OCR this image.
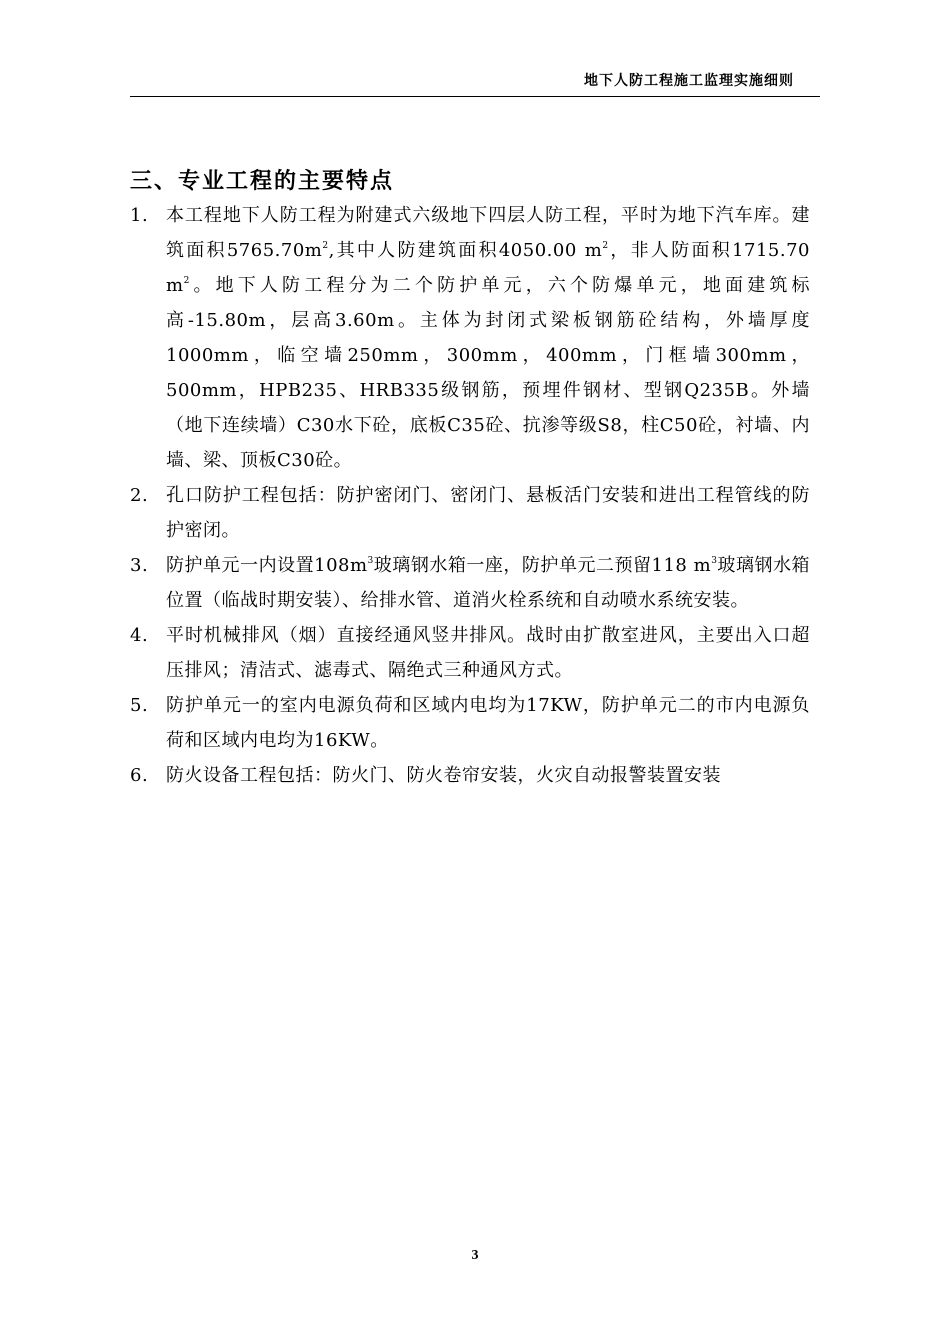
地下人防工程施工监理实施细则
三、专业工程的主要特点
1. 本工程地下人防工程为附建式六级地下四层人防工程，平时为地下汽车库。建筑面积$5765.70m^2$,其中人防建筑面积4050.00 $m^2$，非人防面积1715.70 $m^2$。地下人防工程分为二个防护单元，六个防爆单元，地面建筑标高-15.80m，层高3.60m。主体为封闭式梁板钢筋砼结构，外墙厚度1000mm，临空墙250mm，300mm，400mm，门框墙300mm，500mm，HPB235、HRB335级钢筋，预埋件钢材、型钢Q235B。外墙（地下连续墙）C30水下砼，底板C35砼、抗渗等级S8，柱C50砼，衬墙、内墙、梁、顶板C30砼。
2. 孔口防护工程包括：防护密闭门、密闭门、悬板活门安装和进出工程管线的防护密闭。
3. 防护单元一内设置$108m^3$玻璃钢水箱一座，防护单元二预留118 $m^3$玻璃钢水箱位置（临战时期安装）、给排水管、道消火栓系统和自动喷水系统安装。
4. 平时机械排风（烟）直接经通风竖井排风。战时由扩散室进风，主要出入口超压排风；清洁式、滤毒式、隔绝式三种通风方式。
5. 防护单元一的室内电源负荷和区域内电均为17KW，防护单元二的市内电源负荷和区域内电均为16KW。
6. 防火设备工程包括：防火门、防火卷帘安装，火灾自动报警装置安装
3
